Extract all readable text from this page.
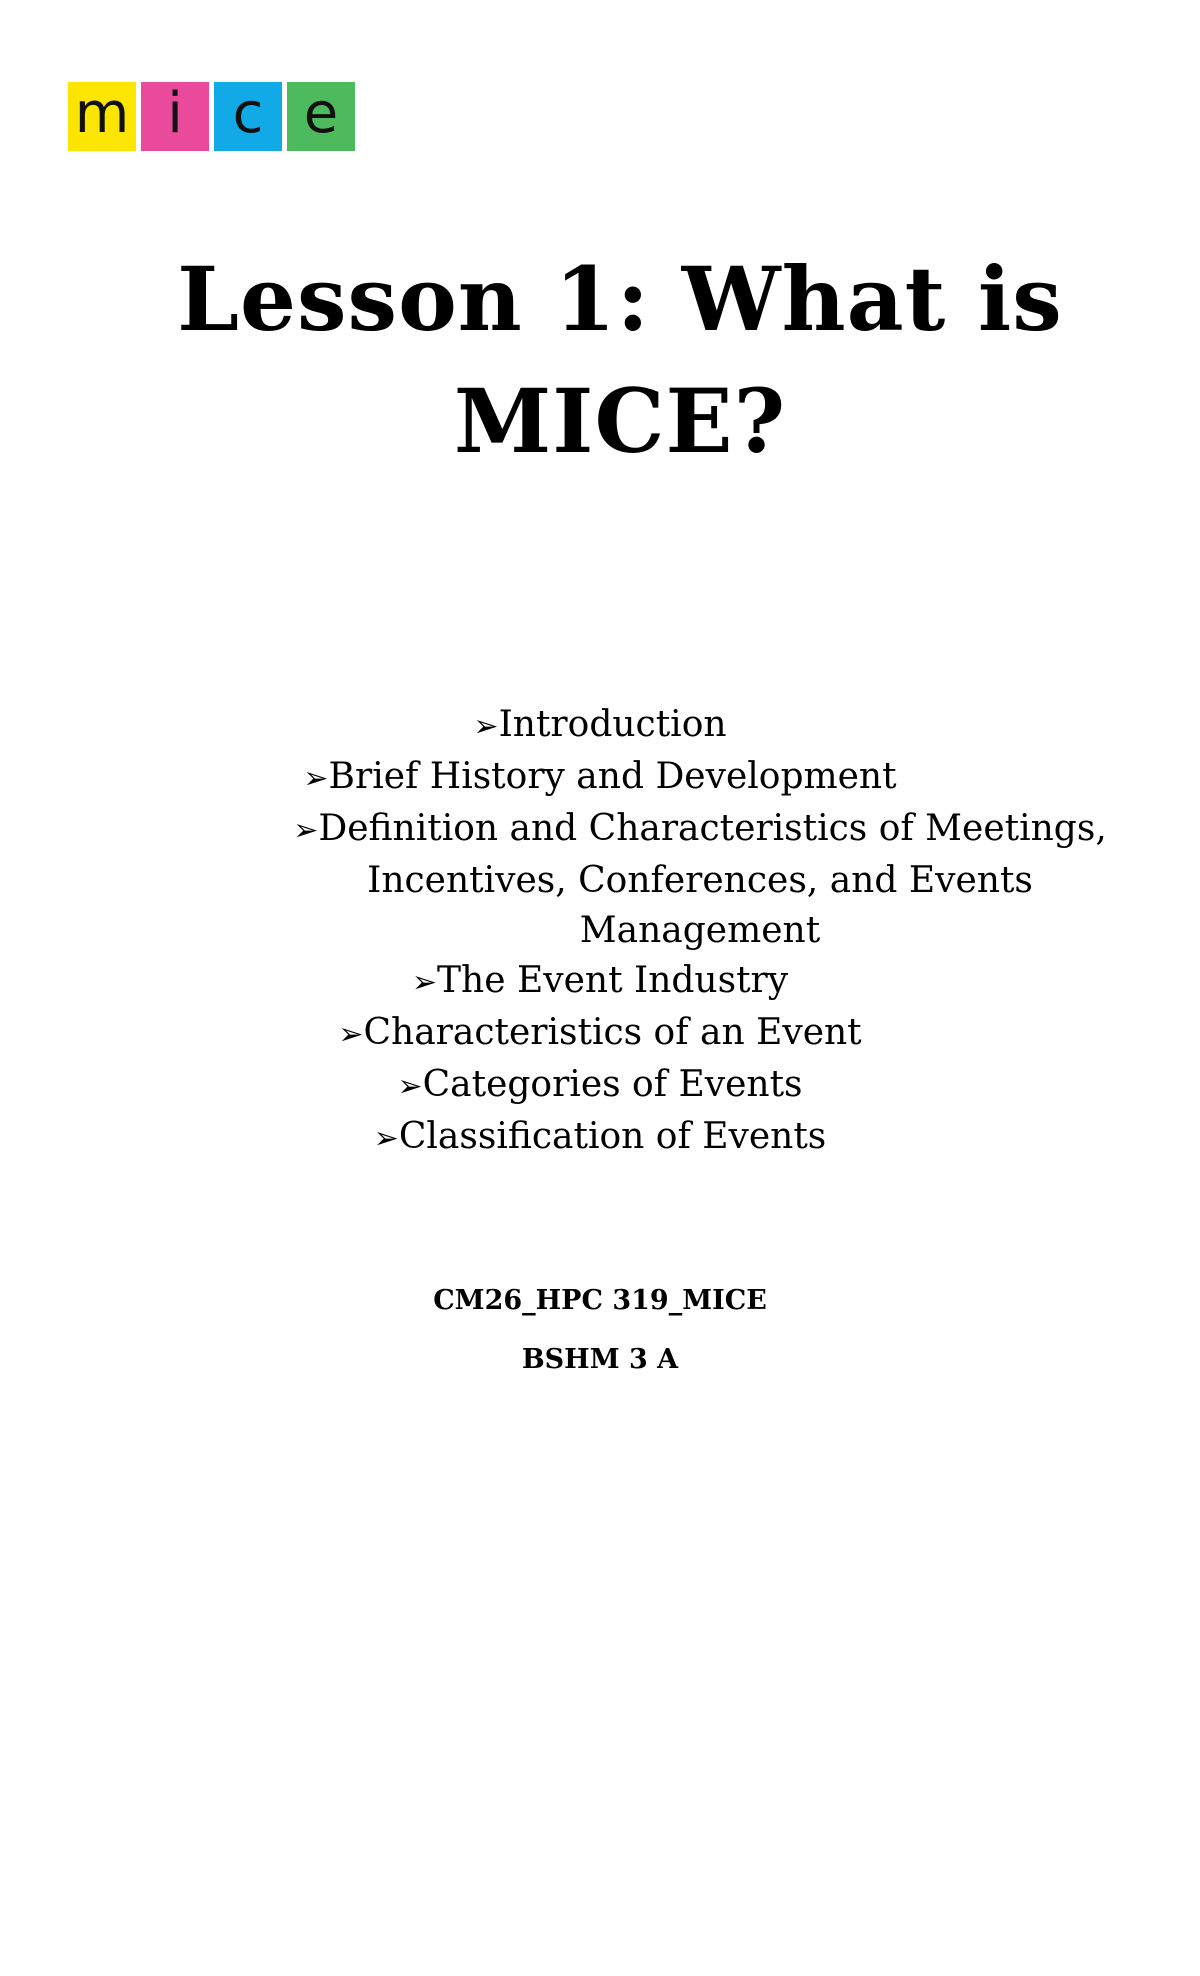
m i c e
Lesson 1: What is MICE?
➢Introduction
➢Brief History and Development
➢Definition and Characteristics of Meetings, Incentives, Conferences, and Events Management
➢The Event Industry
➢Characteristics of an Event
➢Categories of Events
➢Classification of Events

CM26_HPC 319_MICE

BSHM 3 A
